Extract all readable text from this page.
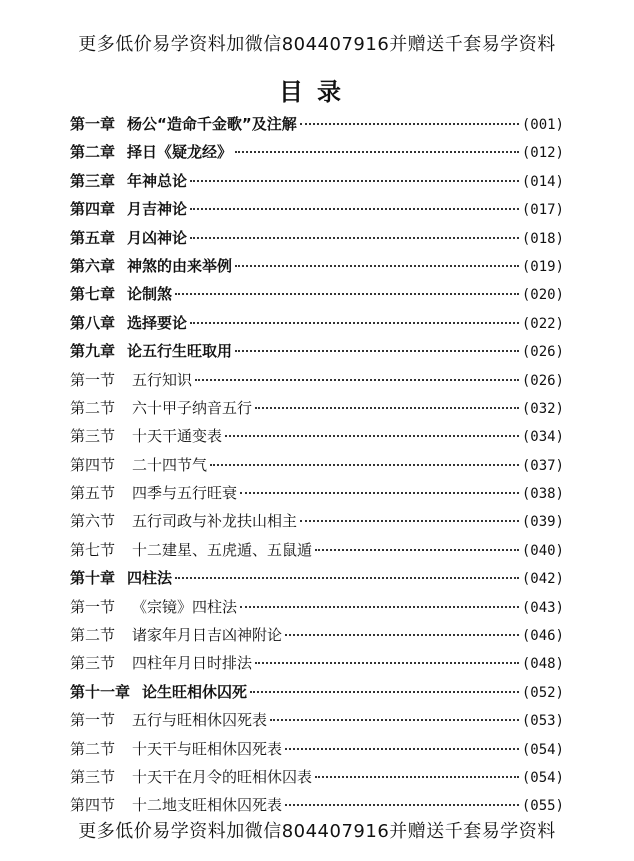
更多低价易学资料加微信804407916并赠送千套易学资料
目录
第一章 杨公“造命千金歌”及注解	(001)
第二章 择日《疑龙经》	(012)
第三章 年神总论	(014)
第四章 月吉神论	(017)
第五章 月凶神论	(018)
第六章 神煞的由来举例	(019)
第七章 论制煞	(020)
第八章 选择要论	(022)
第九章 论五行生旺取用	(026)
第一节	五行知识	(026)
第二节	六十甲子纳音五行	(032)
第三节	十天干通变表	(034)
第四节	二十四节气	(037)
第五节	四季与五行旺衰	(038)
第六节	五行司政与补龙扶山相主	(039)
第七节	十二建星、五虎遁、五鼠遁	(040)
第十章 四柱法	(042)
第一节	《宗镜》四柱法	(043)
第二节	诸家年月日吉凶神附论	(046)
第三节	四柱年月日时排法	(048)
第十一章 论生旺相休囚死	(052)
第一节	五行与旺相休囚死表	(053)
第二节	十天干与旺相休囚死表	(054)
第三节	十天干在月令的旺相休囚表	(054)
第四节	十二地支旺相休囚死表	(055)
更多低价易学资料加微信804407916并赠送千套易学资料
